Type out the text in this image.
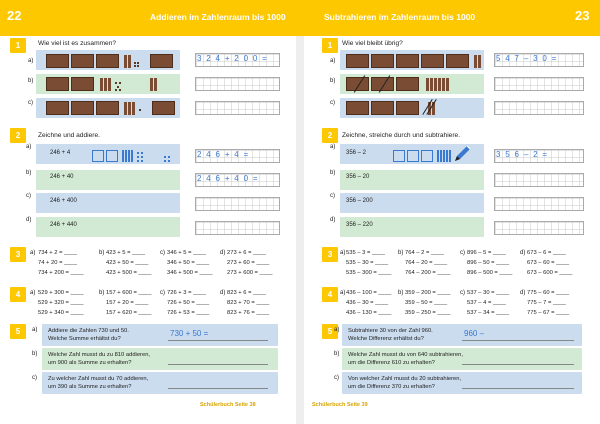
22	Addieren im Zahlenraum bis 1000	Subtrahieren im Zahlenraum bis 1000	23
1	Wie viel ist es zusammen?
a)
b)
c)
3 2 4 + 2 0 0 =
2	Zeichne und addiere.
a)
b)
c)
d)
246 + 4
246 + 40
246 + 400
246 + 440
2 4 6 + 4 =
2 4 6 + 4 0 =
3	a) 734 + 2 = ____
74 + 20 = ____
734 + 200 = ____
b) 423 + 5 = ____
423 + 50 = ____
423 + 500 = ____
c) 346 + 5 = ____
346 + 50 = ____
346 + 500 = ____
d) 273 + 6 = ____
273 + 60 = ____
273 + 600 = ____
4	a) 529 + 300 = ____
529 + 320 = ____
529 + 340 = ____
b) 157 + 600 = ____
157 + 20 = ____
157 + 620 = ____
c) 726 + 3 = ____
726 + 50 = ____
726 + 53 = ____
d) 823 + 6 = ____
823 + 70 = ____
823 + 76 = ____
5	a)
b)
c)
Addiere die Zahlen 730 und 50.
Welche Summe erhältst du?
Welche Zahl musst du zu 810 addieren,
um 900 als Summe zu erhalten?
Zu welcher Zahl musst du 70 addieren,
um 390 als Summe zu erhalten?
730 + 50 =
Schülerbuch Seite 38
1	Wie viel bleibt übrig?
a)
b)
c)
5 4 7 – 3 0 =
2	Zeichne, streiche durch und subtrahiere.
a)
b)
c)
d)
356 – 2
356 – 20
356 – 200
356 – 220
3 5 6 – 2 =
3	a) 535 – 3 = ____
535 – 30 = ____
535 – 300 = ____
b) 764 – 2 = ____
764 – 20 = ____
764 – 200 = ____
c) 896 – 5 = ____
896 – 50 = ____
896 – 500 = ____
d) 673 – 6 = ____
673 – 60 = ____
673 – 600 = ____
4	a) 436 – 100 = ____
436 – 30 = ____
436 – 130 = ____
b) 359 – 200 = ____
359 – 50 = ____
359 – 250 = ____
c) 537 – 30 = ____
537 – 4 = ____
537 – 34 = ____
d) 775 – 60 = ____
775 – 7 = ____
775 – 67 = ____
5 a)
b)
c)
Subtrahiere 30 von der Zahl 960.
Welche Differenz erhältst du?
Welche Zahl musst du von 640 subtrahieren,
um die Differenz 610 zu erhalten?
Von welcher Zahl musst du 20 subtrahieren,
um die Differenz 370 zu erhalten?
960 –
Schülerbuch Seite 39
